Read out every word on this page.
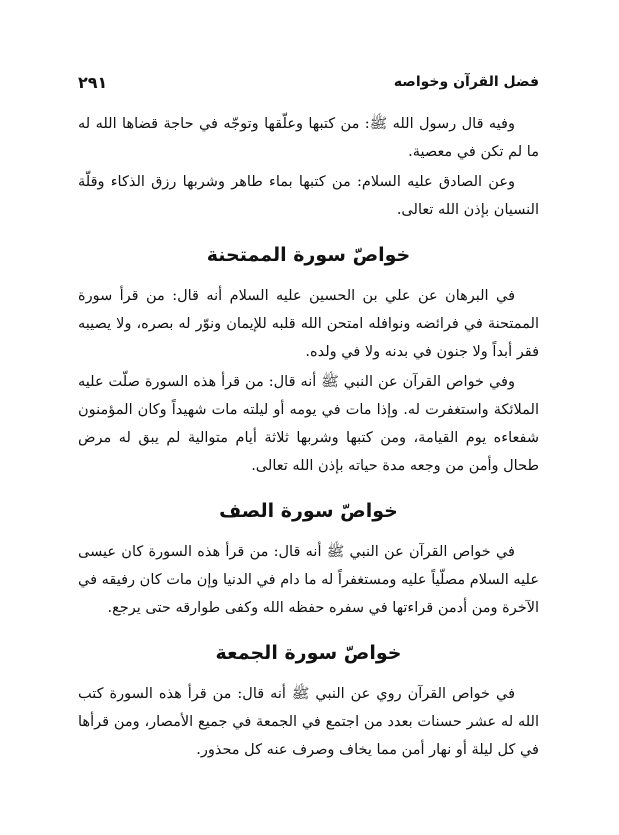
فضل القرآن وخواصه
٢٩١

وفيه قال رسول الله ﷺ: من كتبها وعلّقها وتوجّه في حاجة قضاها الله له ما لم تكن في معصية.

وعن الصادق عليه السلام: من كتبها بماء طاهر وشربها رزق الذكاء وقلّة النسيان بإذن الله تعالى.

خواصّ سورة الممتحنة

في البرهان عن علي بن الحسين عليه السلام أنه قال: من قرأ سورة الممتحنة في فرائضه ونوافله امتحن الله قلبه للإيمان ونوّر له بصره، ولا يصيبه فقر أبداً ولا جنون في بدنه ولا في ولده.

وفي خواص القرآن عن النبي ﷺ أنه قال: من قرأ هذه السورة صلّت عليه الملائكة واستغفرت له. وإذا مات في يومه أو ليلته مات شهيداً وكان المؤمنون شفعاءه يوم القيامة، ومن كتبها وشربها ثلاثة أيام متوالية لم يبق له مرض طحال وأمن من وجعه مدة حياته بإذن الله تعالى.

خواصّ سورة الصف

في خواص القرآن عن النبي ﷺ أنه قال: من قرأ هذه السورة كان عيسى عليه السلام مصلّياً عليه ومستغفراً له ما دام في الدنيا وإن مات كان رفيقه في الآخرة ومن أدمن قراءتها في سفره حفظه الله وكفى طوارقه حتى يرجع.

خواصّ سورة الجمعة

في خواص القرآن روي عن النبي ﷺ أنه قال: من قرأ هذه السورة كتب الله له عشر حسنات بعدد من اجتمع في الجمعة في جميع الأمصار، ومن قرأها في كل ليلة أو نهار أمن مما يخاف وصرف عنه كل محذور.
